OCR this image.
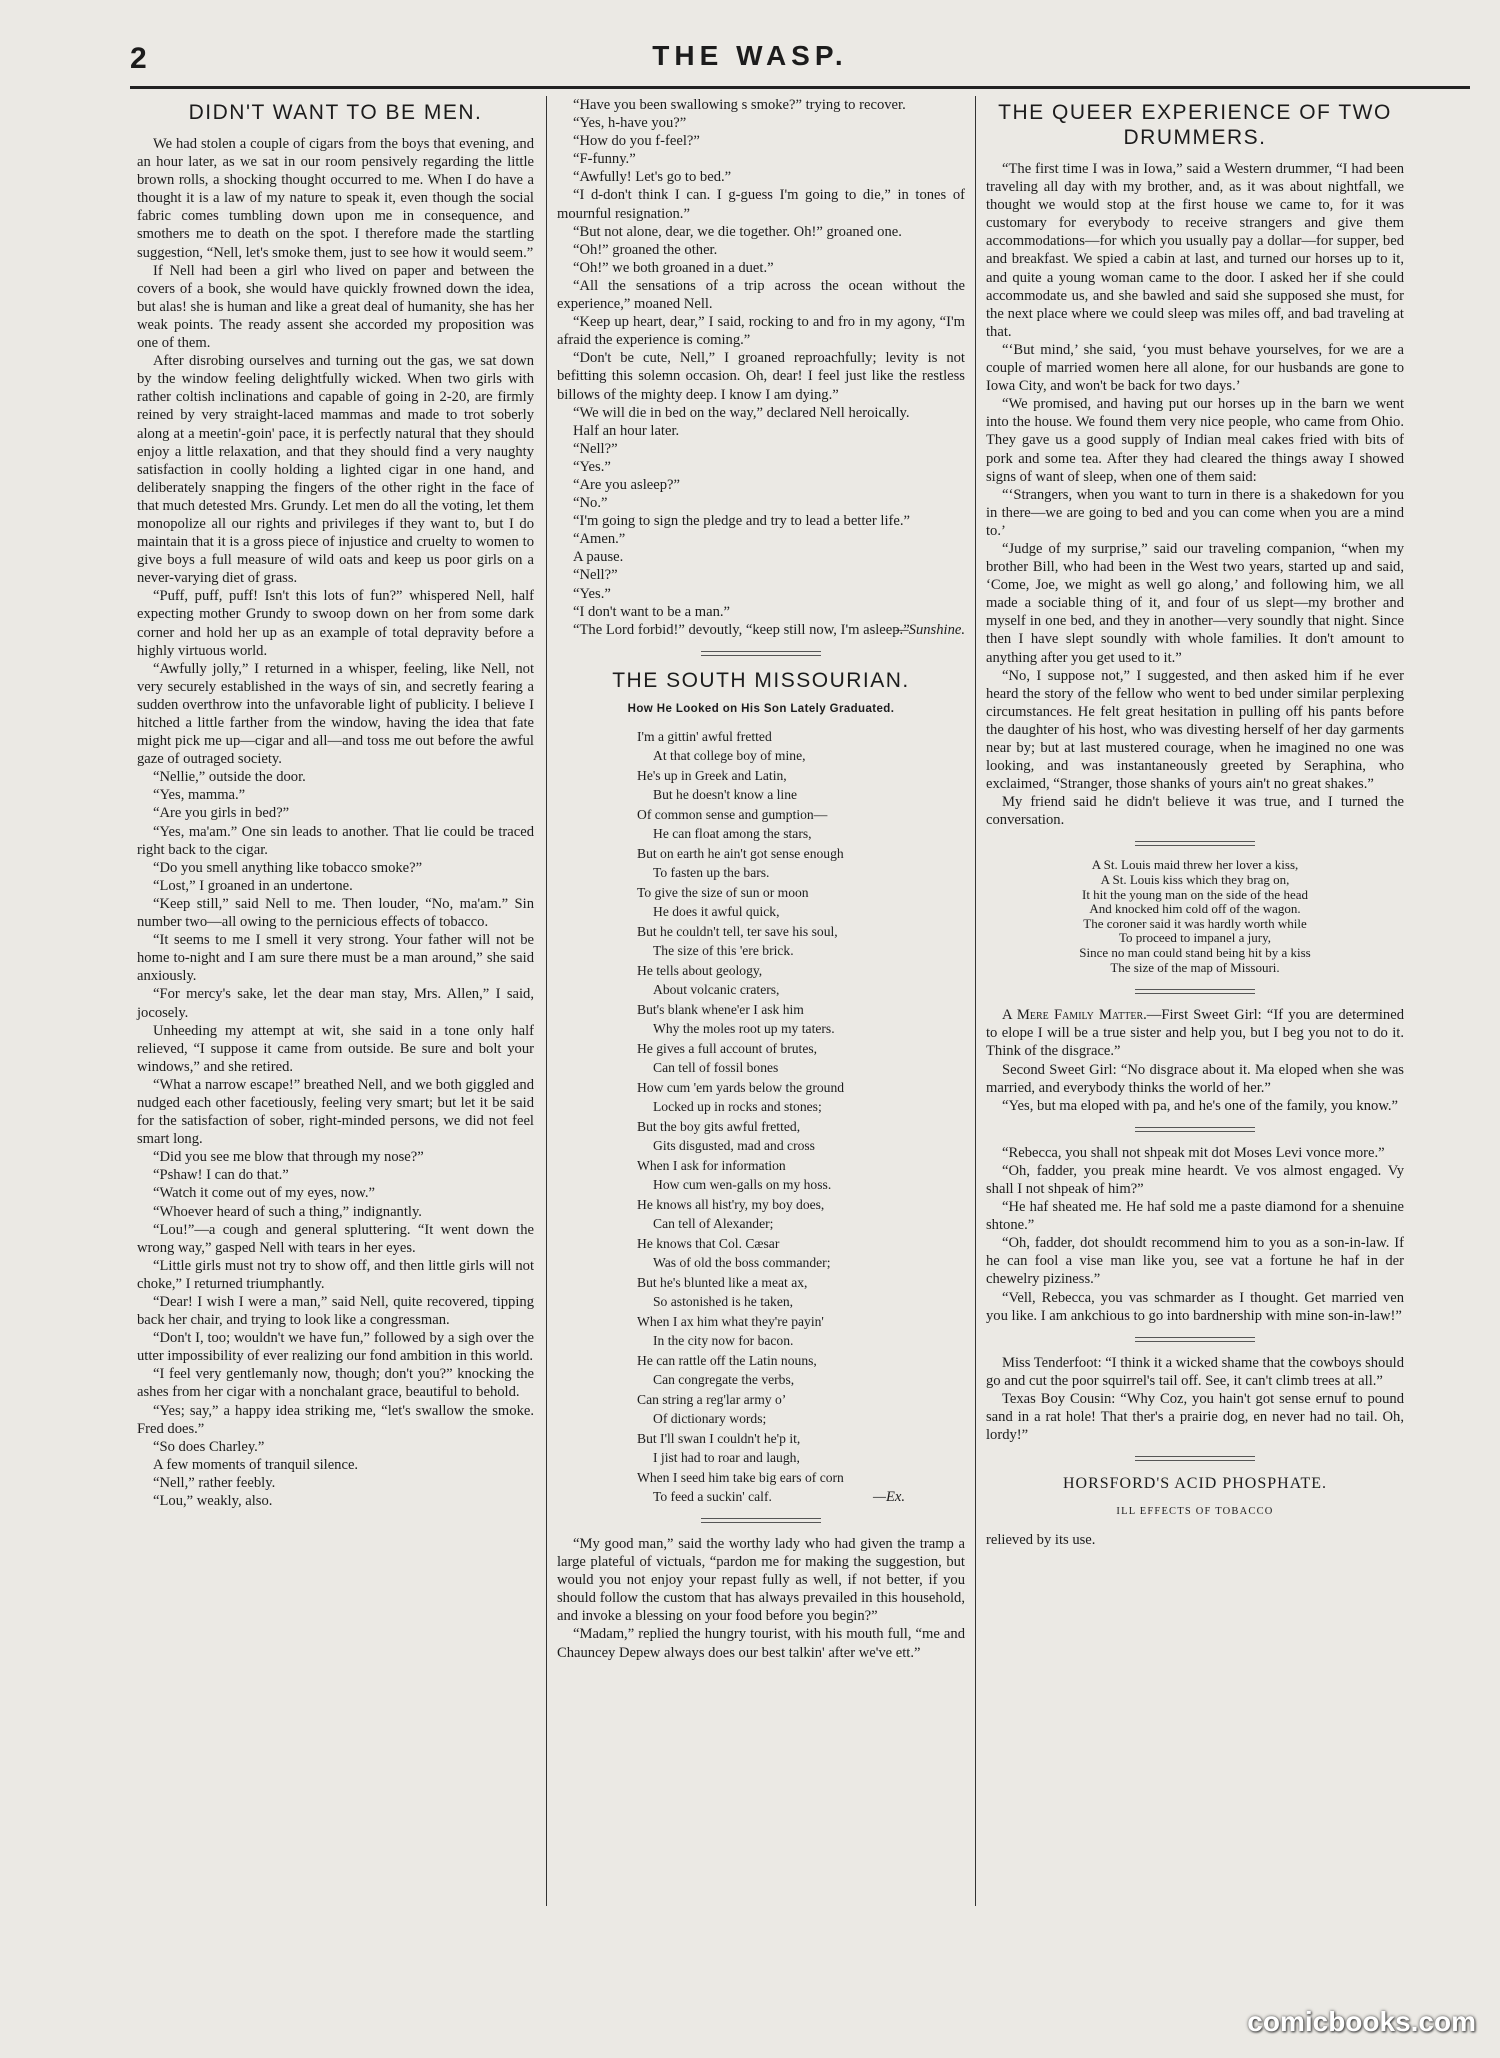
2	THE WASP.
DIDN'T WANT TO BE MEN.

We had stolen a couple of cigars from the boys that evening, and an hour later, as we sat in our room pensively regarding the little brown rolls, a shocking thought occurred to me. When I do have a thought it is a law of my nature to speak it, even though the social fabric comes tumbling down upon me in consequence, and smothers me to death on the spot. I therefore made the startling suggestion, “Nell, let's smoke them, just to see how it would seem.”

If Nell had been a girl who lived on paper and between the covers of a book, she would have quickly frowned down the idea, but alas! she is human and like a great deal of humanity, she has her weak points. The ready assent she accorded my proposition was one of them.

After disrobing ourselves and turning out the gas, we sat down by the window feeling delightfully wicked. When two girls with rather coltish inclinations and capable of going in 2-20, are firmly reined by very straight-laced mammas and made to trot soberly along at a meetin'-goin' pace, it is perfectly natural that they should enjoy a little relaxation, and that they should find a very naughty satisfaction in coolly holding a lighted cigar in one hand, and deliberately snapping the fingers of the other right in the face of that much detested Mrs. Grundy. Let men do all the voting, let them monopolize all our rights and privileges if they want to, but I do maintain that it is a gross piece of injustice and cruelty to women to give boys a full measure of wild oats and keep us poor girls on a never-varying diet of grass.

“Puff, puff, puff! Isn't this lots of fun?” whispered Nell, half expecting mother Grundy to swoop down on her from some dark corner and hold her up as an example of total depravity before a highly virtuous world.

“Awfully jolly,” I returned in a whisper, feeling, like Nell, not very securely established in the ways of sin, and secretly fearing a sudden overthrow into the unfavorable light of publicity. I believe I hitched a little farther from the window, having the idea that fate might pick me up—cigar and all—and toss me out before the awful gaze of outraged society.

“Nellie,” outside the door.

“Yes, mamma.”

“Are you girls in bed?”

“Yes, ma'am.” One sin leads to another. That lie could be traced right back to the cigar.

“Do you smell anything like tobacco smoke?”

“Lost,” I groaned in an undertone.

“Keep still,” said Nell to me. Then louder, “No, ma'am.” Sin number two—all owing to the pernicious effects of tobacco.

“It seems to me I smell it very strong. Your father will not be home to-night and I am sure there must be a man around,” she said anxiously.

“For mercy's sake, let the dear man stay, Mrs. Allen,” I said, jocosely.

Unheeding my attempt at wit, she said in a tone only half relieved, “I suppose it came from outside. Be sure and bolt your windows,” and she retired.

“What a narrow escape!” breathed Nell, and we both giggled and nudged each other facetiously, feeling very smart; but let it be said for the satisfaction of sober, right-minded persons, we did not feel smart long.

“Did you see me blow that through my nose?”

“Pshaw! I can do that.”

“Watch it come out of my eyes, now.”

“Whoever heard of such a thing,” indignantly.

“Lou!”—a cough and general spluttering. “It went down the wrong way,” gasped Nell with tears in her eyes.

“Little girls must not try to show off, and then little girls will not choke,” I returned triumphantly.

“Dear! I wish I were a man,” said Nell, quite recovered, tipping back her chair, and trying to look like a congressman.

“Don't I, too; wouldn't we have fun,” followed by a sigh over the utter impossibility of ever realizing our fond ambition in this world.

“I feel very gentlemanly now, though; don't you?” knocking the ashes from her cigar with a nonchalant grace, beautiful to behold.

“Yes; say,” a happy idea striking me, “let's swallow the smoke. Fred does.”

“So does Charley.”

A few moments of tranquil silence.

“Nell,” rather feebly.

“Lou,” weakly, also.

“Have you been swallowing s smoke?” trying to recover.

“Yes, h-have you?”

“How do you f-feel?”

“F-funny.”

“Awfully! Let's go to bed.”

“I d-don't think I can. I g-guess I'm going to die,” in tones of mournful resignation.”

“But not alone, dear, we die together. Oh!” groaned one.

“Oh!” groaned the other.

“Oh!” we both groaned in a duet.”

“All the sensations of a trip across the ocean without the experience,” moaned Nell.

“Keep up heart, dear,” I said, rocking to and fro in my agony, “I'm afraid the experience is coming.”

“Don't be cute, Nell,” I groaned reproachfully; levity is not befitting this solemn occasion. Oh, dear! I feel just like the restless billows of the mighty deep. I know I am dying.”

“We will die in bed on the way,” declared Nell heroically.

Half an hour later.

“Nell?”

“Yes.”

“Are you asleep?”

“No.”

“I'm going to sign the pledge and try to lead a better life.”

“Amen.”

A pause.

“Nell?”

“Yes.”

“I don't want to be a man.”

“The Lord forbid!” devoutly, “keep still now, I'm asleep.”

—Sunshine.

THE SOUTH MISSOURIAN.
How He Looked on His Son Lately Graduated.
I'm a gittin' awful fretted
At that college boy of mine,
He's up in Greek and Latin,
But he doesn't know a line
Of common sense and gumption—
He can float among the stars,
But on earth he ain't got sense enough
To fasten up the bars.
To give the size of sun or moon
He does it awful quick,
But he couldn't tell, ter save his soul,
The size of this 'ere brick.
He tells about geology,
About volcanic craters,
But's blank whene'er I ask him
Why the moles root up my taters.
He gives a full account of brutes,
Can tell of fossil bones
How cum 'em yards below the ground
Locked up in rocks and stones;
But the boy gits awful fretted,
Gits disgusted, mad and cross
When I ask for information
How cum wen-galls on my hoss.
He knows all hist'ry, my boy does,
Can tell of Alexander;
He knows that Col. Cæsar
Was of old the boss commander;
But he's blunted like a meat ax,
So astonished is he taken,
When I ax him what they're payin'
In the city now for bacon.
He can rattle off the Latin nouns,
Can congregate the verbs,
Can string a reg'lar army o’
Of dictionary words;
But I'll swan I couldn't he'p it,
I jist had to roar and laugh,
When I seed him take big ears of corn
To feed a suckin' calf.	—Ex.

“My good man,” said the worthy lady who had given the tramp a large plateful of victuals, “pardon me for making the suggestion, but would you not enjoy your repast fully as well, if not better, if you should follow the custom that has always prevailed in this household, and invoke a blessing on your food before you begin?”

“Madam,” replied the hungry tourist, with his mouth full, “me and Chauncey Depew always does our best talkin' after we've ett.”

THE QUEER EXPERIENCE OF TWO DRUMMERS.

“The first time I was in Iowa,” said a Western drummer, “I had been traveling all day with my brother, and, as it was about nightfall, we thought we would stop at the first house we came to, for it was customary for everybody to receive strangers and give them accommodations—for which you usually pay a dollar—for supper, bed and breakfast. We spied a cabin at last, and turned our horses up to it, and quite a young woman came to the door. I asked her if she could accommodate us, and she bawled and said she supposed she must, for the next place where we could sleep was miles off, and bad traveling at that.

“‘But mind,’ she said, ‘you must behave yourselves, for we are a couple of married women here all alone, for our husbands are gone to Iowa City, and won't be back for two days.’

“We promised, and having put our horses up in the barn we went into the house. We found them very nice people, who came from Ohio. They gave us a good supply of Indian meal cakes fried with bits of pork and some tea. After they had cleared the things away I showed signs of want of sleep, when one of them said:

“‘Strangers, when you want to turn in there is a shakedown for you in there—we are going to bed and you can come when you are a mind to.’

“Judge of my surprise,” said our traveling companion, “when my brother Bill, who had been in the West two years, started up and said, ‘Come, Joe, we might as well go along,’ and following him, we all made a sociable thing of it, and four of us slept—my brother and myself in one bed, and they in another—very soundly that night. Since then I have slept soundly with whole families. It don't amount to anything after you get used to it.”

“No, I suppose not,” I suggested, and then asked him if he ever heard the story of the fellow who went to bed under similar perplexing circumstances. He felt great hesitation in pulling off his pants before the daughter of his host, who was divesting herself of her day garments near by; but at last mustered courage, when he imagined no one was looking, and was instantaneously greeted by Seraphina, who exclaimed, “Stranger, those shanks of yours ain't no great shakes.”

My friend said he didn't believe it was true, and I turned the conversation.

A St. Louis maid threw her lover a kiss,
A St. Louis kiss which they brag on,
It hit the young man on the side of the head
And knocked him cold off of the wagon.
The coroner said it was hardly worth while
To proceed to impanel a jury,
Since no man could stand being hit by a kiss
The size of the map of Missouri.

A Mere Family Matter.—First Sweet Girl: “If you are determined to elope I will be a true sister and help you, but I beg you not to do it. Think of the disgrace.”

Second Sweet Girl: “No disgrace about it. Ma eloped when she was married, and everybody thinks the world of her.”

“Yes, but ma eloped with pa, and he's one of the family, you know.”

“Rebecca, you shall not shpeak mit dot Moses Levi vonce more.”

“Oh, fadder, you preak mine heardt. Ve vos almost engaged. Vy shall I not shpeak of him?”

“He haf sheated me. He haf sold me a paste diamond for a shenuine shtone.”

“Oh, fadder, dot shouldt recommend him to you as a son-in-law. If he can fool a vise man like you, see vat a fortune he haf in der chewelry piziness.”

“Vell, Rebecca, you vas schmarder as I thought. Get married ven you like. I am ankchious to go into bardnership with mine son-in-law!”

Miss Tenderfoot: “I think it a wicked shame that the cowboys should go and cut the poor squirrel's tail off. See, it can't climb trees at all.”

Texas Boy Cousin: “Why Coz, you hain't got sense ernuf to pound sand in a rat hole! That ther's a prairie dog, en never had no tail. Oh, lordy!”

HORSFORD'S ACID PHOSPHATE.
ILL EFFECTS OF TOBACCO

relieved by its use.

comicbooks.com
